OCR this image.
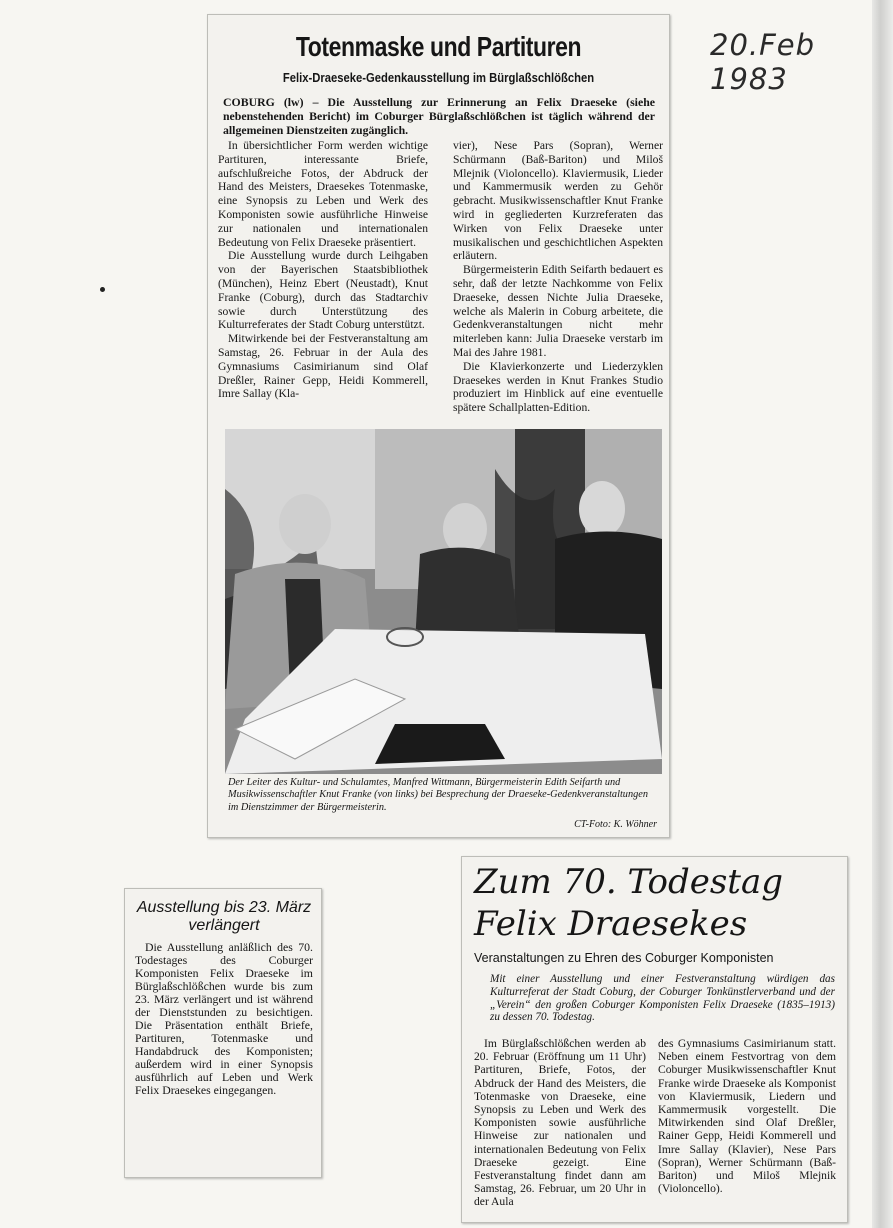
20.Feb 1983
Totenmaske und Partituren
Felix-Draeseke-Gedenkausstellung im Bürglaßschlößchen
COBURG (lw) – Die Ausstellung zur Erinnerung an Felix Draeseke (siehe nebenstehenden Bericht) im Coburger Bürglaßschlößchen ist täglich während der allgemeinen Dienstzeiten zugänglich.

In übersichtlicher Form werden wichtige Partituren, interessante Briefe, aufschlußreiche Fotos, der Abdruck der Hand des Meisters, Draesekes Totenmaske, eine Synopsis zu Leben und Werk des Komponisten sowie ausführliche Hinweise zur nationalen und internationalen Bedeutung von Felix Draeseke präsentiert.

Die Ausstellung wurde durch Leihgaben von der Bayerischen Staatsbibliothek (München), Heinz Ebert (Neustadt), Knut Franke (Coburg), durch das Stadtarchiv sowie durch Unterstützung des Kulturreferates der Stadt Coburg unterstützt.

Mitwirkende bei der Festveranstaltung am Samstag, 26. Februar in der Aula des Gymnasiums Casimirianum sind Olaf Dreßler, Rainer Gepp, Heidi Kommerell, Imre Sallay (Kla-

vier), Nese Pars (Sopran), Werner Schürmann (Baß-Bariton) und Miloš Mlejnik (Violoncello). Klaviermusik, Lieder und Kammermusik werden zu Gehör gebracht. Musikwissenschaftler Knut Franke wird in gegliederten Kurzreferaten das Wirken von Felix Draeseke unter musikalischen und geschichtlichen Aspekten erläutern.

Bürgermeisterin Edith Seifarth bedauert es sehr, daß der letzte Nachkomme von Felix Draeseke, dessen Nichte Julia Draeseke, welche als Malerin in Coburg arbeitete, die Gedenkveranstaltungen nicht mehr miterleben kann: Julia Draeseke verstarb im Mai des Jahre 1981.

Die Klavierkonzerte und Liederzyklen Draesekes werden in Knut Frankes Studio produziert im Hinblick auf eine eventuelle spätere Schallplatten-Edition.

Der Leiter des Kultur- und Schulamtes, Manfred Wittmann, Bürgermeisterin Edith Seifarth und Musikwissenschaftler Knut Franke (von links) bei Besprechung der Draeseke-Gedenkveranstaltungen im Dienstzimmer der Bürgermeisterin.
CT-Foto: K. Wöhner
Ausstellung bis 23. März verlängert

Die Ausstellung anläßlich des 70. Todestages des Coburger Komponisten Felix Draeseke im Bürglaßschlößchen wurde bis zum 23. März verlängert und ist während der Dienststunden zu besichtigen. Die Präsentation enthält Briefe, Partituren, Totenmaske und Handabdruck des Komponisten; außerdem wird in einer Synopsis ausführlich auf Leben und Werk Felix Draesekes eingegangen.

Zum 70. Todestag Felix Draesekes
Veranstaltungen zu Ehren des Coburger Komponisten
Mit einer Ausstellung und einer Festveranstaltung würdigen das Kulturreferat der Stadt Coburg, der Coburger Tonkünstlerverband und der „Verein“ den großen Coburger Komponisten Felix Draeseke (1835–1913) zu dessen 70. Todestag.

Im Bürglaßschlößchen werden ab 20. Februar (Eröffnung um 11 Uhr) Partituren, Briefe, Fotos, der Abdruck der Hand des Meisters, die Totenmaske von Draeseke, eine Synopsis zu Leben und Werk des Komponisten sowie ausführliche Hinweise zur nationalen und internationalen Bedeutung von Felix Draeseke gezeigt. Eine Festveranstaltung findet dann am Samstag, 26. Februar, um 20 Uhr in der Aula

des Gymnasiums Casimirianum statt. Neben einem Festvortrag von dem Coburger Musikwissenschaftler Knut Franke wirde Draeseke als Komponist von Klaviermusik, Liedern und Kammermusik vorgestellt. Die Mitwirkenden sind Olaf Dreßler, Rainer Gepp, Heidi Kommerell und Imre Sallay (Klavier), Nese Pars (Sopran), Werner Schürmann (Baß-Bariton) und Miloš Mlejnik (Violoncello).
